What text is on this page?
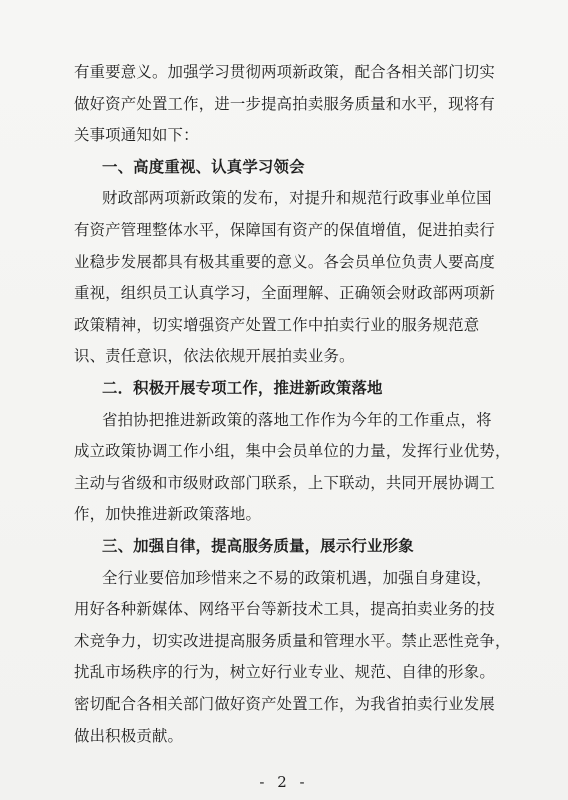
有重要意义。加强学习贯彻两项新政策，配合各相关部门切实
做好资产处置工作，进一步提高拍卖服务质量和水平，现将有
关事项通知如下：
一、高度重视、认真学习领会
财政部两项新政策的发布，对提升和规范行政事业单位国
有资产管理整体水平，保障国有资产的保值增值，促进拍卖行
业稳步发展都具有极其重要的意义。各会员单位负责人要高度
重视，组织员工认真学习，全面理解、正确领会财政部两项新
政策精神，切实增强资产处置工作中拍卖行业的服务规范意
识、责任意识，依法依规开展拍卖业务。
二．积极开展专项工作，推进新政策落地
省拍协把推进新政策的落地工作作为今年的工作重点，将
成立政策协调工作小组，集中会员单位的力量，发挥行业优势，
主动与省级和市级财政部门联系，上下联动，共同开展协调工
作，加快推进新政策落地。
三、加强自律，提高服务质量，展示行业形象
全行业要倍加珍惜来之不易的政策机遇，加强自身建设，
用好各种新媒体、网络平台等新技术工具，提高拍卖业务的技
术竞争力，切实改进提高服务质量和管理水平。禁止恶性竞争，
扰乱市场秩序的行为，树立好行业专业、规范、自律的形象。
密切配合各相关部门做好资产处置工作，为我省拍卖行业发展
做出积极贡献。
- 2 -
